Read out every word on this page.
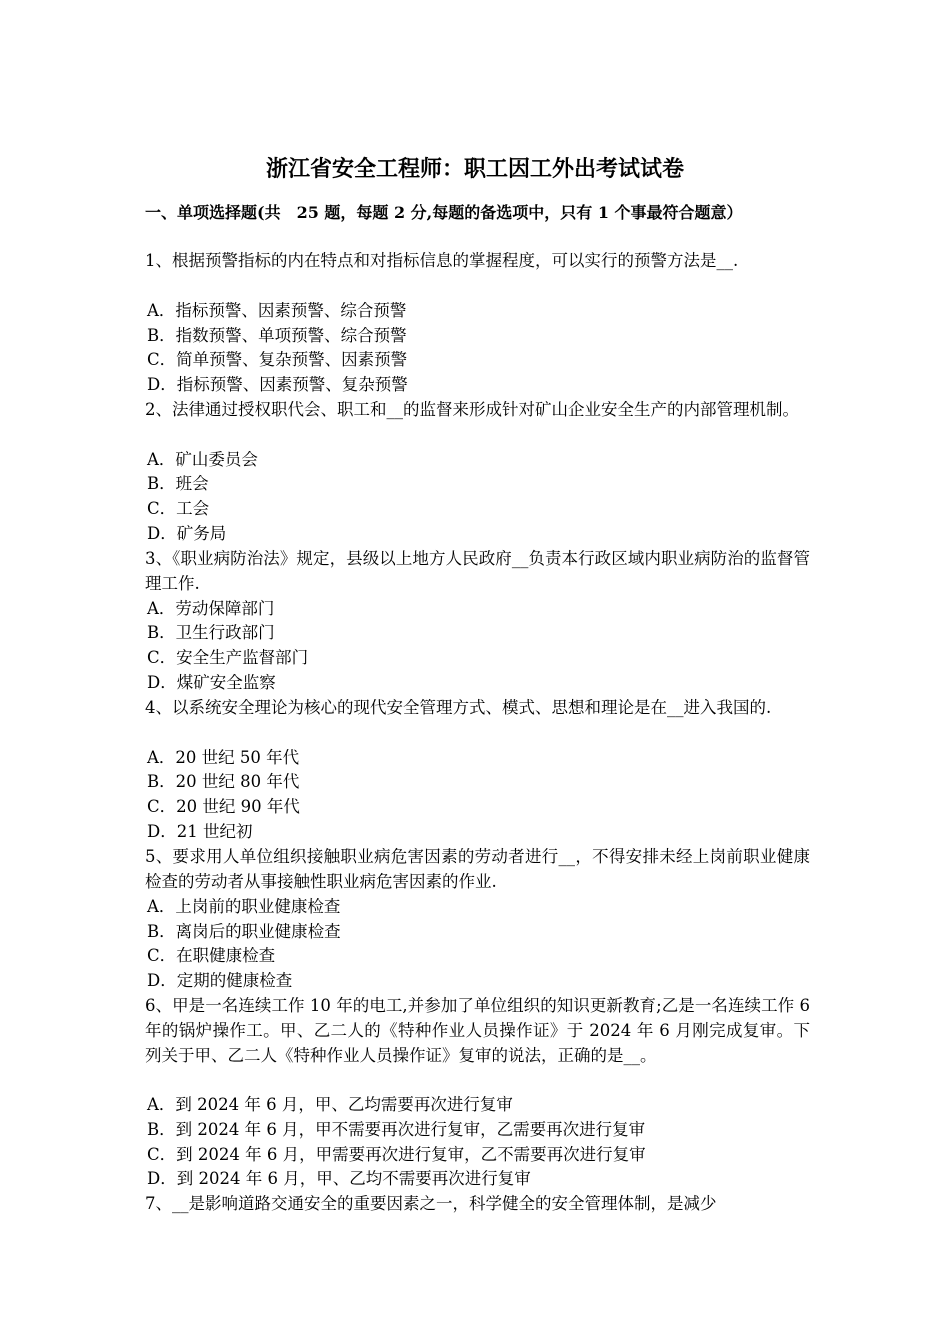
浙江省安全工程师：职工因工外出考试试卷
一、单项选择题(共　25 题，每题 2 分,每题的备选项中，只有 1 个事最符合题意）
1、根据预警指标的内在特点和对指标信息的掌握程度，可以实行的预警方法是__.
A．指标预警、因素预警、综合预警
B．指数预警、单项预警、综合预警
C．简单预警、复杂预警、因素预警
D．指标预警、因素预警、复杂预警
2、法律通过授权职代会、职工和__的监督来形成针对矿山企业安全生产的内部管理机制。
A．矿山委员会
B．班会
C．工会
D．矿务局
3、《职业病防治法》规定，县级以上地方人民政府__负责本行政区域内职业病防治的监督管理工作.
A．劳动保障部门
B．卫生行政部门
C．安全生产监督部门
D．煤矿安全监察
4、以系统安全理论为核心的现代安全管理方式、模式、思想和理论是在__进入我国的.
A．20 世纪 50 年代
B．20 世纪 80 年代
C．20 世纪 90 年代
D．21 世纪初
5、要求用人单位组织接触职业病危害因素的劳动者进行__，不得安排未经上岗前职业健康检查的劳动者从事接触性职业病危害因素的作业.
A．上岗前的职业健康检查
B．离岗后的职业健康检查
C．在职健康检查
D．定期的健康检查
6、甲是一名连续工作 10 年的电工,并参加了单位组织的知识更新教育;乙是一名连续工作 6 年的锅炉操作工。甲、乙二人的《特种作业人员操作证》于 2024 年 6 月刚完成复审。下列关于甲、乙二人《特种作业人员操作证》复审的说法，正确的是__。
A．到 2024 年 6 月，甲、乙均需要再次进行复审
B．到 2024 年 6 月，甲不需要再次进行复审，乙需要再次进行复审
C．到 2024 年 6 月，甲需要再次进行复审，乙不需要再次进行复审
D．到 2024 年 6 月，甲、乙均不需要再次进行复审
7、__是影响道路交通安全的重要因素之一，科学健全的安全管理体制，是减少
